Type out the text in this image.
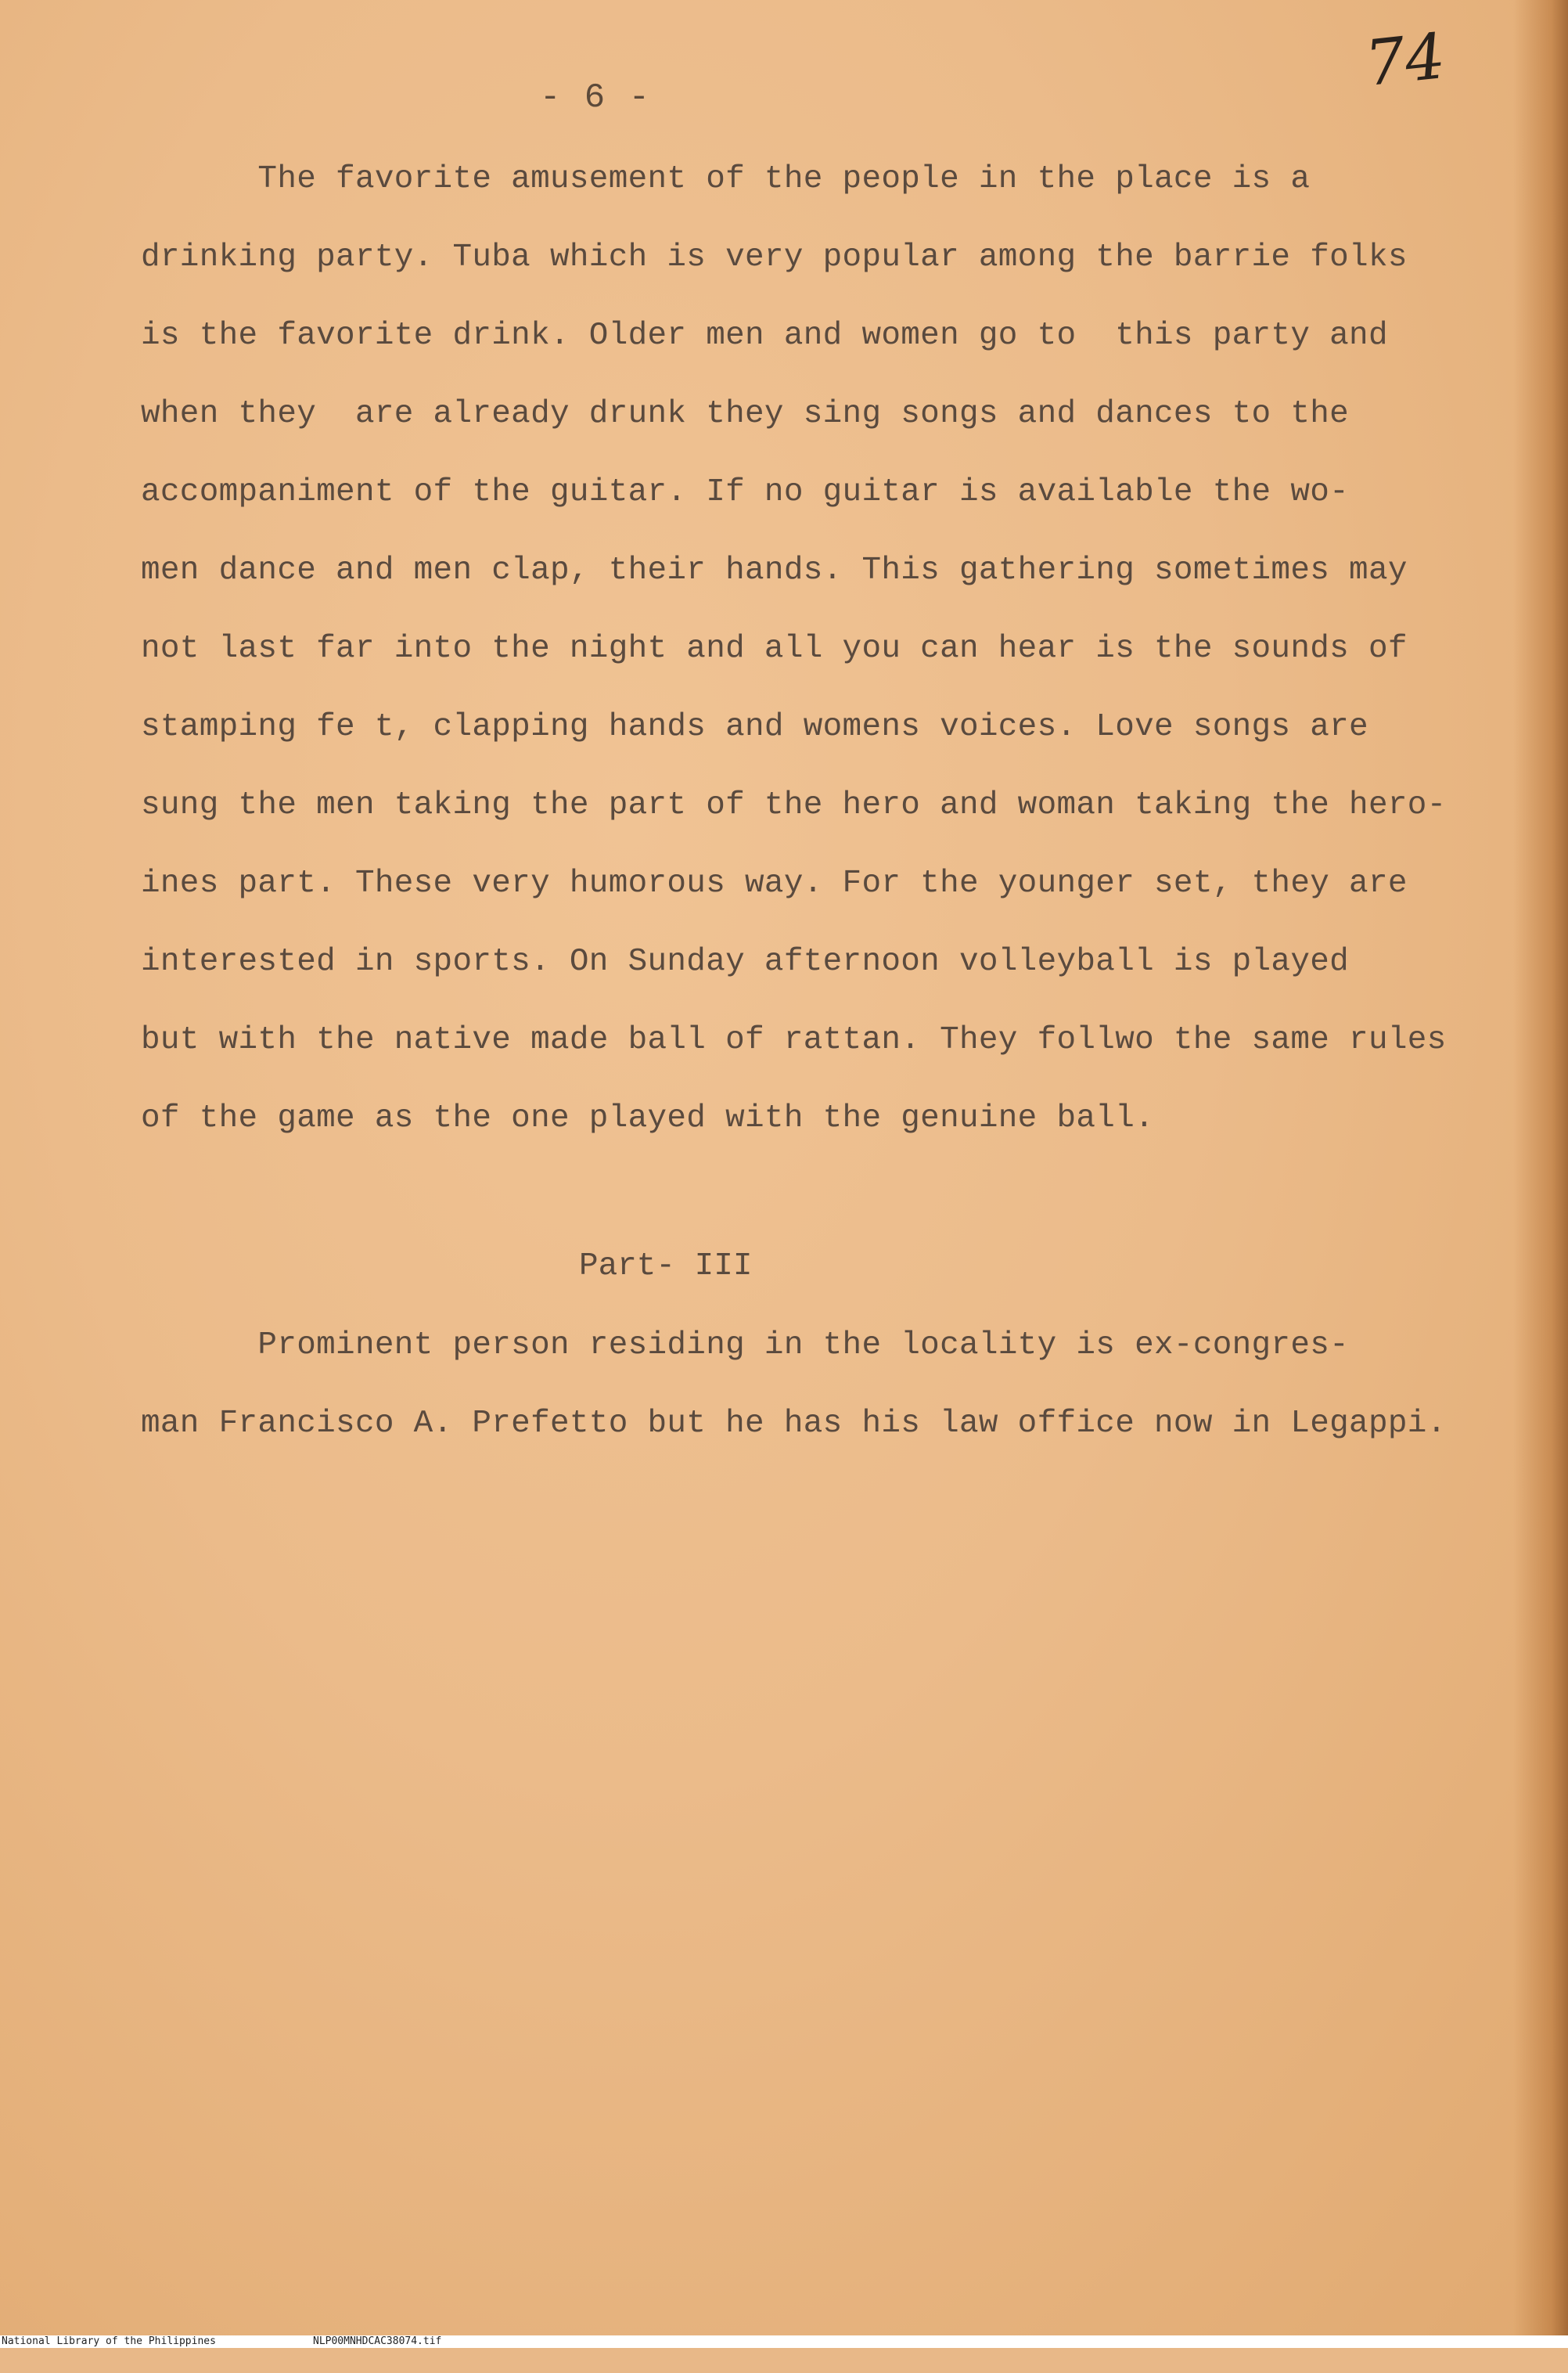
- 6 -	74
The favorite amusement of the people in the place is a
drinking party. Tuba which is very popular among the barrie folks
is the favorite drink. Older men and women go to  this party and
when they  are already drunk they sing songs and dances to the
accompaniment of the guitar. If no guitar is available the wo-
men dance and men clap, their hands. This gathering sometimes may
not last far into the night and all you can hear is the sounds of
stamping fe t, clapping hands and womens voices. Love songs are
sung the men taking the part of the hero and woman taking the hero-
ines part. These very humorous way. For the younger set, they are
interested in sports. On Sunday afternoon volleyball is played
but with the native made ball of rattan. They follwo the same rules
of the game as the one played with the genuine ball.
Part- III
Prominent person residing in the locality is ex-congres-
man Francisco A. Prefetto but he has his law office now in Legappi.

National Library of the Philippines

	NLP00MNHDCAC38074.tif
